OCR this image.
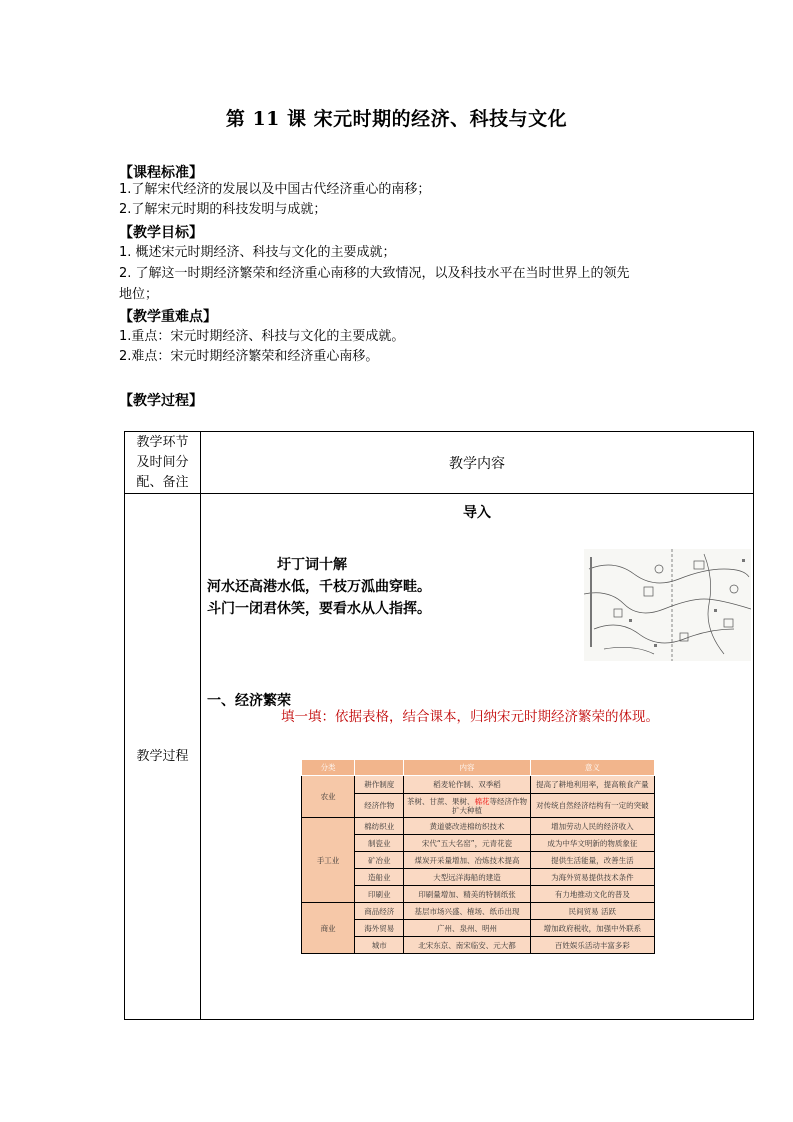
第 11 课 宋元时期的经济、科技与文化
【课程标准】
1.了解宋代经济的发展以及中国古代经济重心的南移；
2.了解宋元时期的科技发明与成就；
【教学目标】
1. 概述宋元时期经济、科技与文化的主要成就；
2. 了解这一时期经济繁荣和经济重心南移的大致情况，以及科技水平在当时世界上的领先
地位；
【教学重难点】
1.重点：宋元时期经济、科技与文化的主要成就。
2.难点：宋元时期经济繁荣和经济重心南移。
【教学过程】
教学环节及时间分配、备注
	教学内容
教学过程	
导入
圩丁词十解
河水还高港水低，千枝万泒曲穿畦。
斗门一闭君休笑，要看水从人指挥。
一、经济繁荣
填一填：依据表格，结合课本，归纳宋元时期经济繁荣的体现。
分类		内容	意义
农业	耕作制度	稻麦轮作制、双季稻	提高了耕地利用率，提高粮食产量
经济作物	茶树、甘蔗、果树、棉花等经济作物扩大种植	对传统自然经济结构有一定的突破
手工业	棉纺织业	黄道婆改进棉纺织技术	增加劳动人民的经济收入
制瓷业	宋代“五大名窑”，元青花瓷	成为中华文明新的物质象征
矿冶业	煤炭开采量增加、冶炼技术提高	提供生活能量，改善生活
造船业	大型远洋海船的建造	为海外贸易提供技术条件
印刷业	印刷量增加、精美的特制纸张	有力地推动文化的普及
商业	商品经济	基层市场兴盛、榷场、纸币出现	民间贸易 活跃
海外贸易	广州、泉州、明州	增加政府税收，加强中外联系
城市	北宋东京、南宋临安、元大都	百姓娱乐活动丰富多彩
